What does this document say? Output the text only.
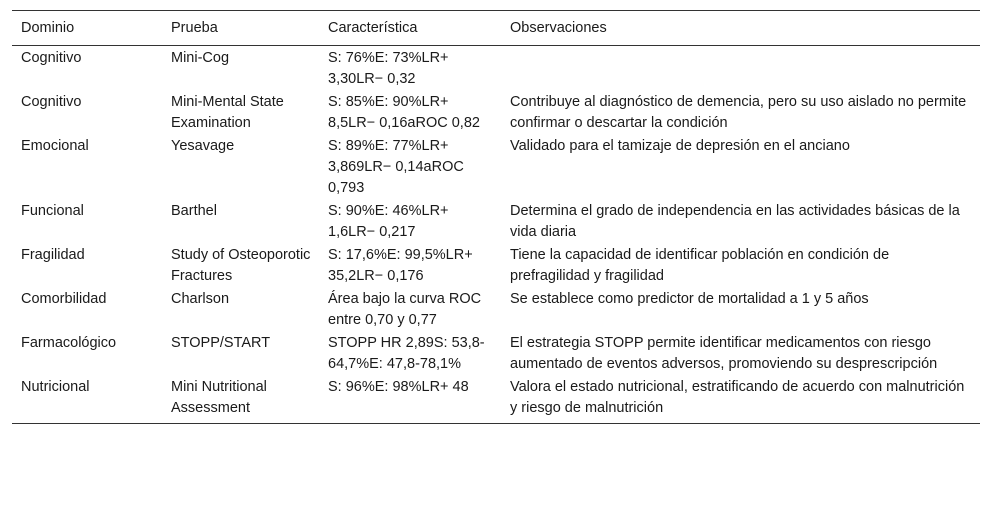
Dominio	Prueba	Característica	Observaciones
Cognitivo	Mini-Cog	S: 76%E: 73%LR+ 3,30LR− 0,32	
Cognitivo	Mini-Mental State Examination	S: 85%E: 90%LR+ 8,5LR− 0,16aROC 0,82	Contribuye al diagnóstico de demencia, pero su uso aislado no permite confirmar o descartar la condición
Emocional	Yesavage	S: 89%E: 77%LR+ 3,869LR− 0,14aROC 0,793	Validado para el tamizaje de depresión en el anciano
Funcional	Barthel	S: 90%E: 46%LR+ 1,6LR− 0,217	Determina el grado de independencia en las actividades básicas de la vida diaria
Fragilidad	Study of Osteoporotic Fractures	S: 17,6%E: 99,5%LR+ 35,2LR− 0,176	Tiene la capacidad de identificar población en condición de prefragilidad y fragilidad
Comorbilidad	Charlson	Área bajo la curva ROC entre 0,70 y 0,77	Se establece como predictor de mortalidad a 1 y 5 años
Farmacológico	STOPP/START	STOPP HR 2,89S: 53,8-64,7%E: 47,8-78,1%	El estrategia STOPP permite identificar medicamentos con riesgo aumentado de eventos adversos, promoviendo su desprescripción
Nutricional	Mini Nutritional Assessment	S: 96%E: 98%LR+ 48	Valora el estado nutricional, estratificando de acuerdo con malnutrición y riesgo de malnutrición
